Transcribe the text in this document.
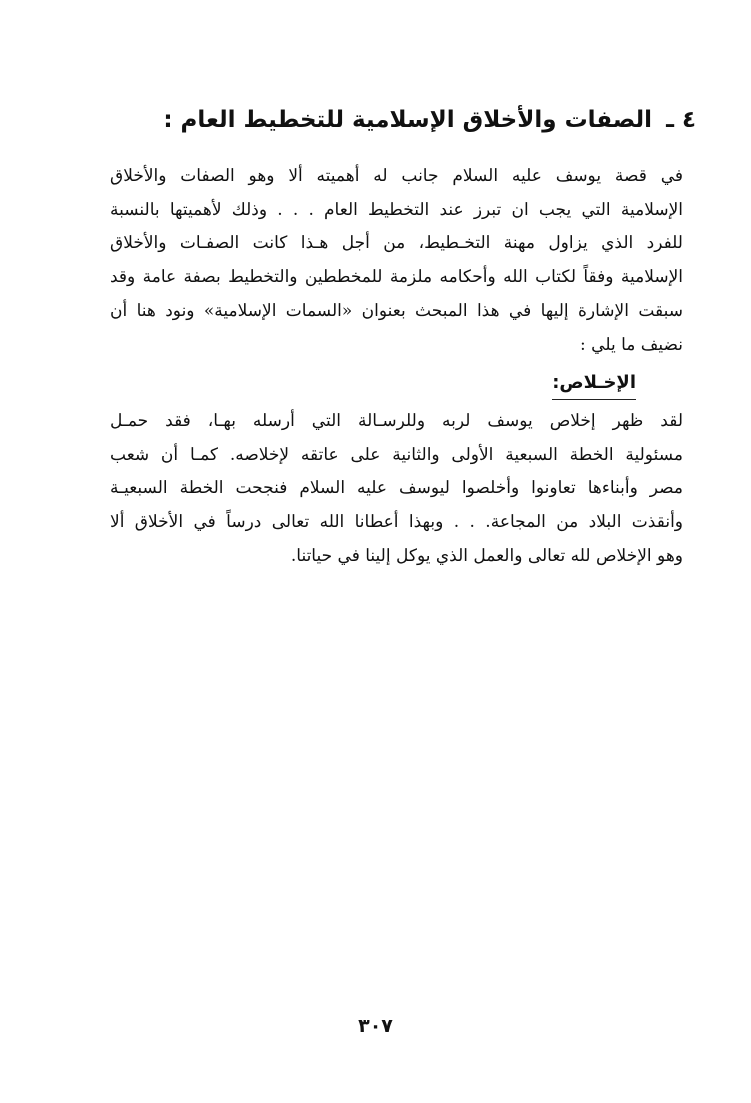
٤ ـ الصفات والأخلاق الإسلامية للتخطيط العام :
في قصة يوسف عليه السلام جانب له أهميته ألا وهو الصفات والأخلاق
الإسلامية التي يجب ان تبرز عند التخطيط العام . . . وذلك لأهميتها بالنسبة
للفرد الذي يزاول مهنة التخـطيط، من أجل هـذا كانت الصفـات والأخلاق
الإسلامية وفقاً لكتاب الله وأحكامه ملزمة للمخططين والتخطيط بصفة عامة وقد
سبقت الإشارة إليها في هذا المبحث بعنوان «السمات الإسلامية» ونود هنا أن
نضيف ما يلي :
الإخـلاص:
لقد ظهر إخلاص يوسف لربه وللرسـالة التي أرسله بهـا، فقد حمـل
مسئولية الخطة السبعية الأولى والثانية على عاتقه لإخلاصه. كمـا أن شعب
مصر وأبناءها تعاونوا وأخلصوا ليوسف عليه السلام فنجحت الخطة السبعيـة
وأنقذت البلاد من المجاعة. . . وبهذا أعطانا الله تعالى درساً في الأخلاق ألا
وهو الإخلاص لله تعالى والعمل الذي يوكل إلينا في حياتنا.
٣٠٧
